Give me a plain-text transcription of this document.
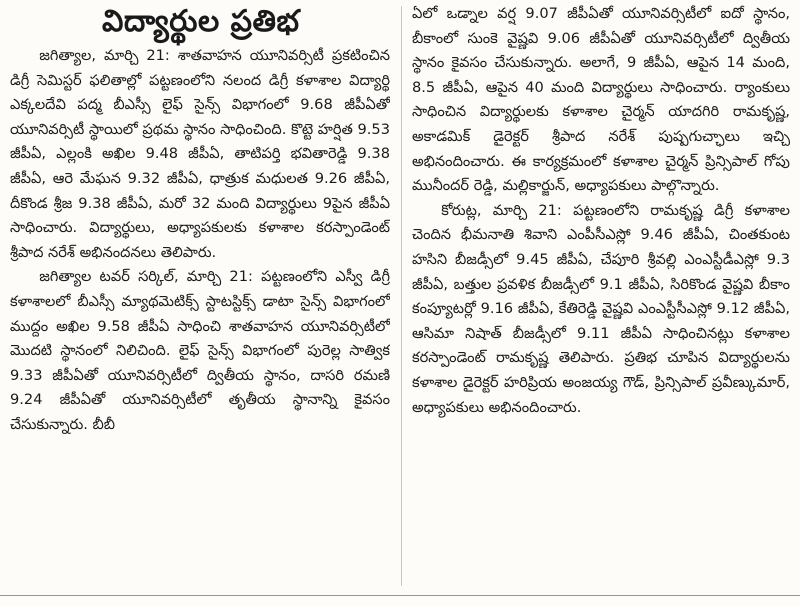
విద్యార్థుల ప్రతిభ

జగిత్యాల, మార్చి 21: శాతవాహన యూనివర్సిటీ ప్రకటించిన డిగ్రీ సెమిస్టర్ ఫలితాల్లో పట్టణంలోని నలంద డిగ్రీ కళాశాల విద్యార్థి ఎక్కలదేవి పద్మ బీఎస్సీ లైఫ్ సైన్స్ విభాగంలో 9.68 జీపీఏతో యూనివర్సిటీ స్థాయిలో ప్రథమ స్థానం సాధించింది. కొట్టె హర్షిత 9.53 జీపీఏ, ఎల్లంకి అఖిల 9.48 జీపీఏ, తాటిపర్తి భవితారెడ్డి 9.38 జీపీఏ, ఆరె మేఘన 9.32 జీపీఏ, ధాత్రుక మధులత 9.26 జీపీఏ, దీకొండ శ్రీజ 9.38 జీపీఏ, మరో 32 మంది విద్యార్థులు 9పైన జీపీఏ సాధించారు. విద్యార్థులు, అధ్యాపకులకు కళాశాల కరస్పాండెంట్ శ్రీపాద నరేశ్ అభినందనలు తెలిపారు.

జగిత్యాల టవర్ సర్కిల్, మార్చి 21: పట్టణంలోని ఎస్వీ డిగ్రీ కళాశాలలో బీఎస్సీ మ్యాథమెటిక్స్ స్టాటస్టిక్స్ డాటా సైన్స్ విభాగంలో ముద్దం అఖిల 9.58 జీపీఏ సాధించి శాతవాహన యూనివర్సిటీలో మొదటి స్థానంలో నిలిచింది. లైఫ్ సైన్స్ విభాగంలో పురెల్ల సాత్విక 9.33 జీపీఏతో యూనివర్సిటీలో ద్వితీయ స్థానం, దాసరి రమణి 9.24 జీపీఏతో యూనివర్సిటీలో తృతీయ స్థానాన్ని కైవసం చేసుకున్నారు. బీబీ

ఏలో ఒడ్నాల వర్ష 9.07 జీపీఏతో యూనివర్సిటీలో ఐదో స్థానం, బీకాంలో సుంకె వైష్ణవి 9.06 జీపీఏతో యూనివర్సిటీలో ద్వితీయ స్థానం కైవసం చేసుకున్నారు. అలాగే, 9 జీపీఏ, ఆపైన 14 మంది, 8.5 జీపీఏ, ఆపైన 40 మంది విద్యార్థులు సాధించారు. ర్యాంకులు సాధించిన విద్యార్థులకు కళాశాల చైర్మన్ యాదగిరి రామకృష్ణ, అకాడమిక్ డైరెక్టర్ శ్రీపాద నరేశ్ పుష్పగుచ్ఛాలు ఇచ్చి అభినందించారు. ఈ కార్యక్రమంలో కళాశాల చైర్మన్ ప్రిన్సిపాల్ గోపు మునీందర్ రెడ్డి, మల్లికార్జున్, అధ్యాపకులు పాల్గొన్నారు.

కోరుట్ల, మార్చి 21: పట్టణంలోని రామకృష్ణ డిగ్రీ కళాశాల చెందిన భీమనాతి శివాని ఎంపీసీఎస్లో 9.46 జీపీఏ, చింతకుంట హసిని బీజడ్సీలో 9.45 జీపీఏ, చేపూరి శ్రీవల్లి ఎంఎస్టీడీఎస్లో 9.3 జీపీఏ, బత్తుల ప్రవళిక బీజడ్సీలో 9.1 జీపీఏ, సిరికొండ వైష్ణవి బీకాం కంప్యూటర్లో 9.16 జీపీఏ, కేతిరెడ్డి వైష్ణవి ఎంఎస్టీసీఎస్లో 9.12 జీపీఏ, ఆసిమా నిషాత్ బీజడ్సీలో 9.11 జీపీఏ సాధించినట్లు కళాశాల కరస్పాండెంట్ రామకృష్ణ తెలిపారు. ప్రతిభ చూపిన విద్యార్థులను కళాశాల డైరెక్టర్ హరిప్రియ అంజయ్య గౌడ్, ప్రిన్సిపాల్ ప్రవీణ్కుమార్, అధ్యాపకులు అభినందించారు.
